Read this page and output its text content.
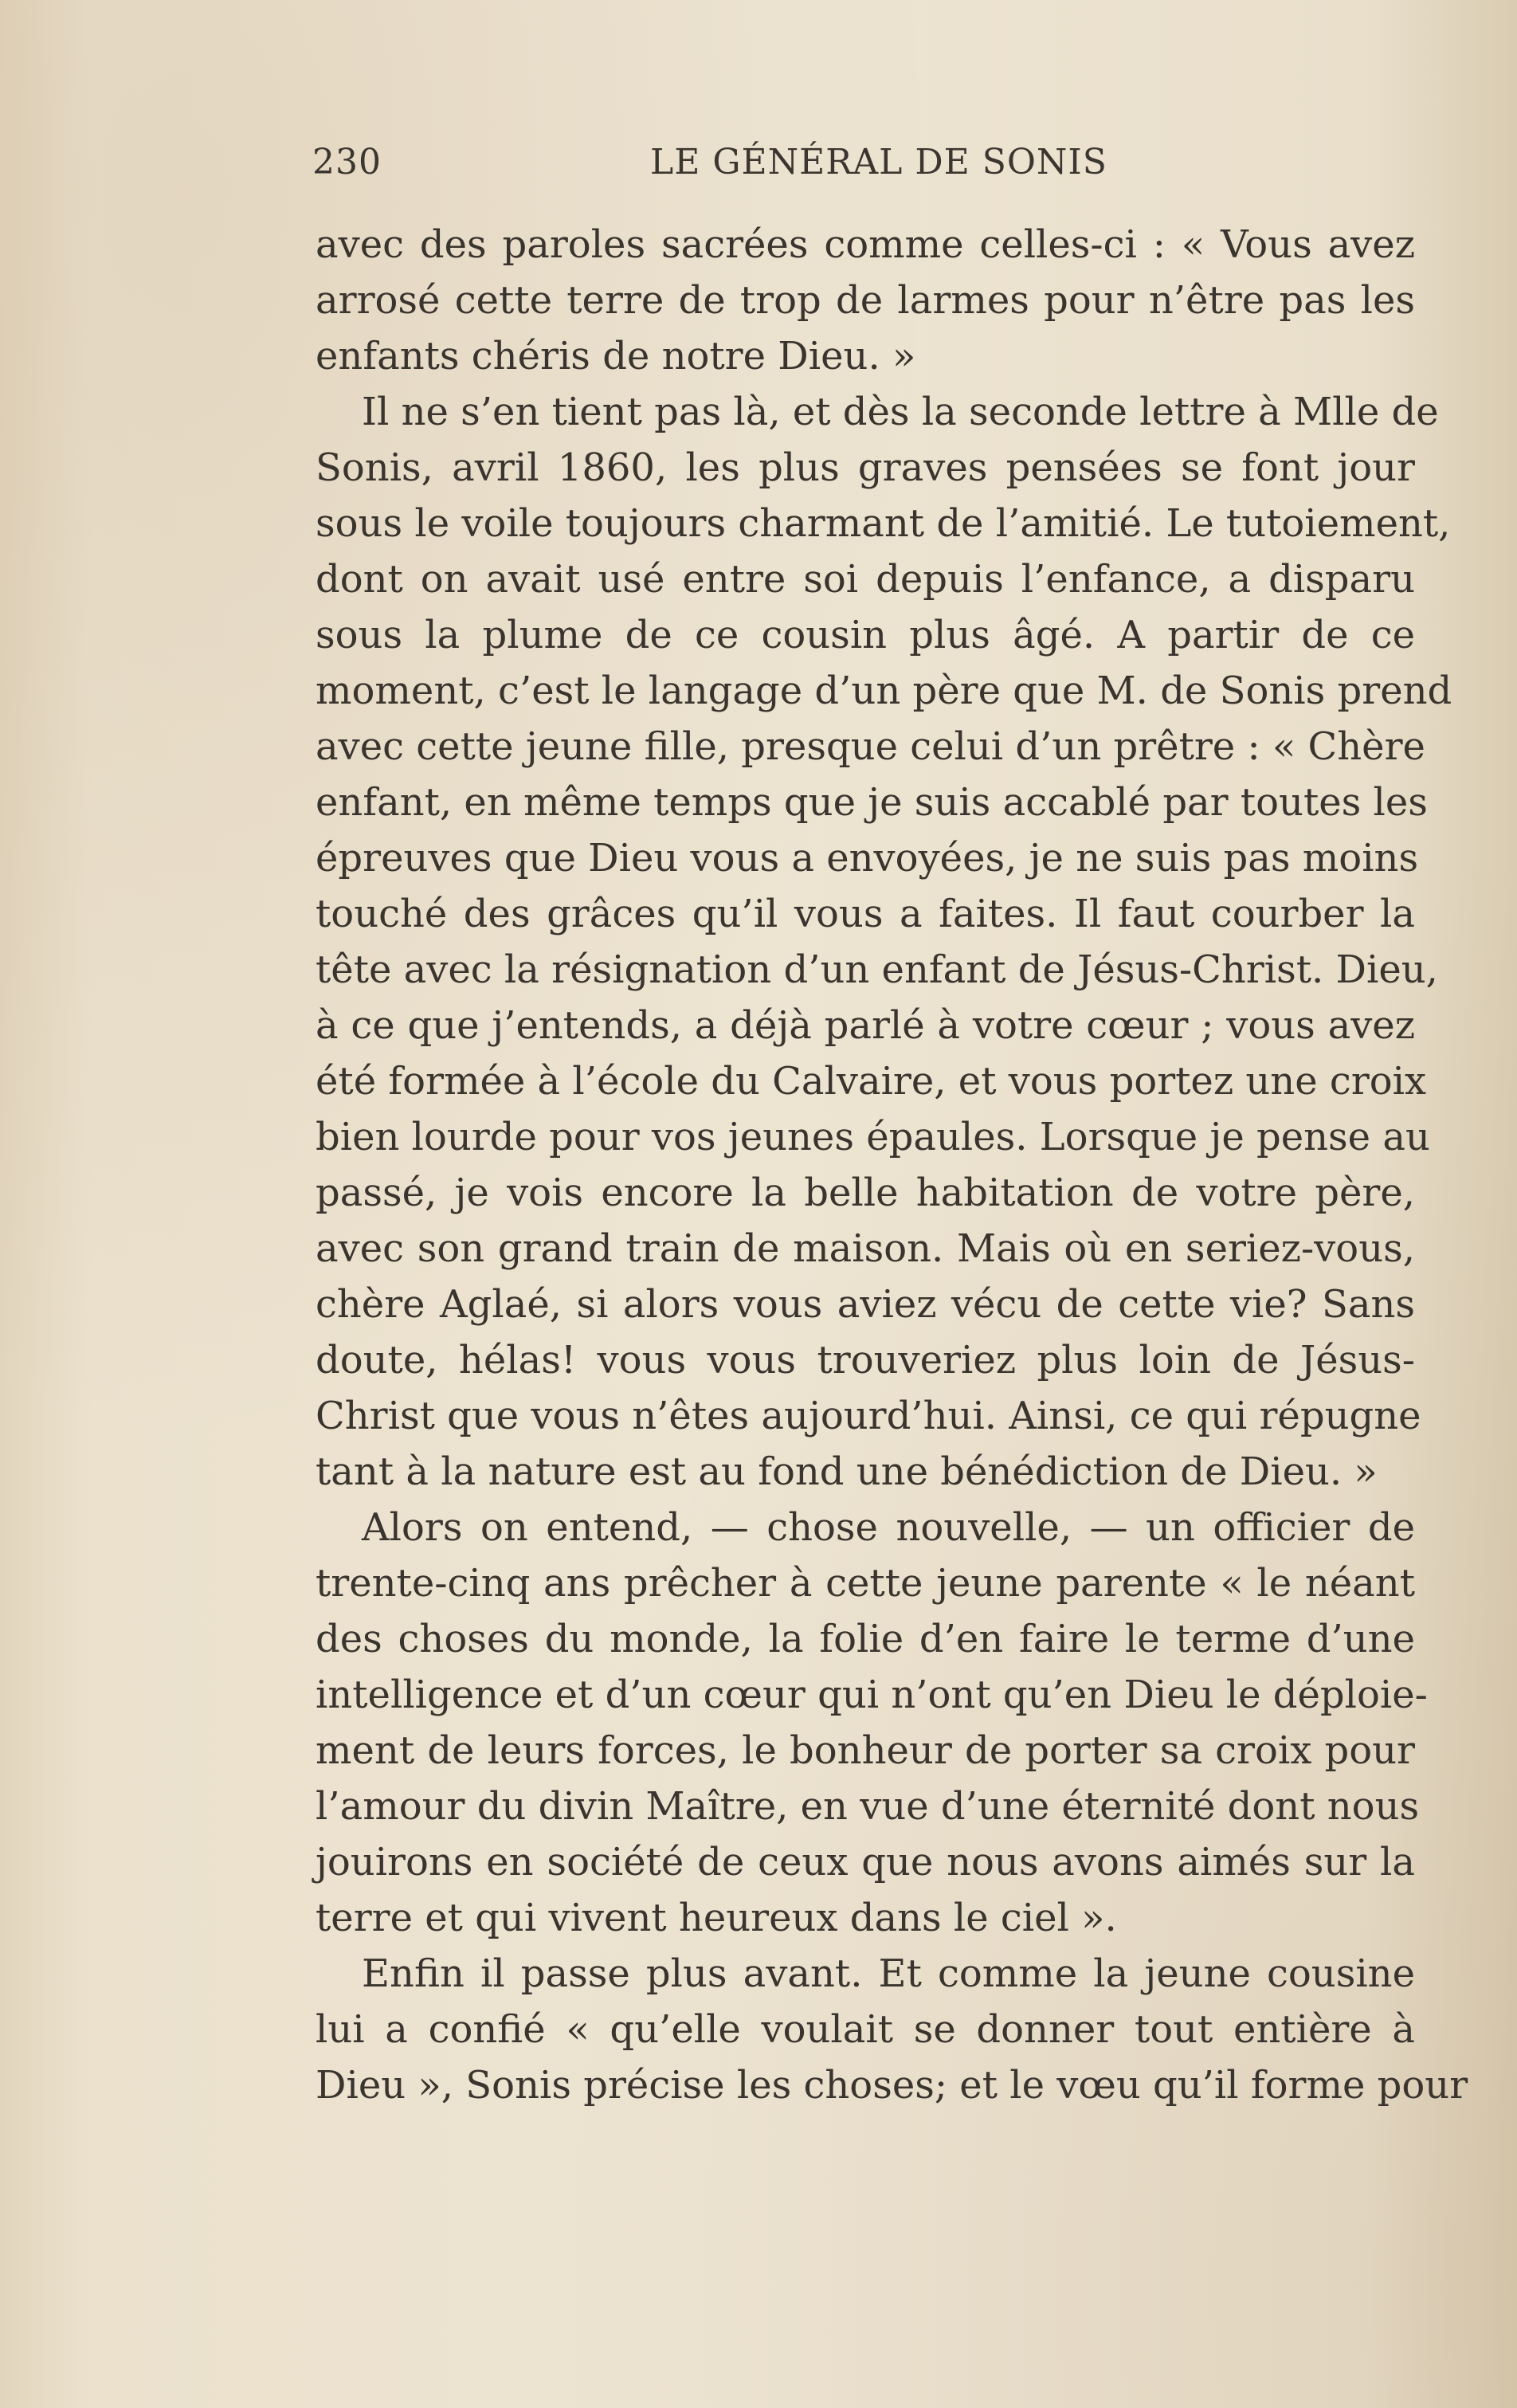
230	LE GÉNÉRAL DE SONIS
avec des paroles sacrées comme celles-ci : « Vous avez
arrosé cette terre de trop de larmes pour n’être pas les
enfants chéris de notre Dieu. »
Il ne s’en tient pas là, et dès la seconde lettre à Mlle de
Sonis, avril 1860, les plus graves pensées se font jour
sous le voile toujours charmant de l’amitié. Le tutoiement,
dont on avait usé entre soi depuis l’enfance, a disparu
sous la plume de ce cousin plus âgé. A partir de ce
moment, c’est le langage d’un père que M. de Sonis prend
avec cette jeune fille, presque celui d’un prêtre : « Chère
enfant, en même temps que je suis accablé par toutes les
épreuves que Dieu vous a envoyées, je ne suis pas moins
touché des grâces qu’il vous a faites. Il faut courber la
tête avec la résignation d’un enfant de Jésus-Christ. Dieu,
à ce que j’entends, a déjà parlé à votre cœur ; vous avez
été formée à l’école du Calvaire, et vous portez une croix
bien lourde pour vos jeunes épaules. Lorsque je pense au
passé, je vois encore la belle habitation de votre père,
avec son grand train de maison. Mais où en seriez-vous,
chère Aglaé, si alors vous aviez vécu de cette vie? Sans
doute, hélas! vous vous trouveriez plus loin de Jésus-
Christ que vous n’êtes aujourd’hui. Ainsi, ce qui répugne
tant à la nature est au fond une bénédiction de Dieu. »
Alors on entend, — chose nouvelle, — un officier de
trente-cinq ans prêcher à cette jeune parente « le néant
des choses du monde, la folie d’en faire le terme d’une
intelligence et d’un cœur qui n’ont qu’en Dieu le déploie-
ment de leurs forces, le bonheur de porter sa croix pour
l’amour du divin Maître, en vue d’une éternité dont nous
jouirons en société de ceux que nous avons aimés sur la
terre et qui vivent heureux dans le ciel ».
Enfin il passe plus avant. Et comme la jeune cousine
lui a confié « qu’elle voulait se donner tout entière à
Dieu », Sonis précise les choses; et le vœu qu’il forme pour
